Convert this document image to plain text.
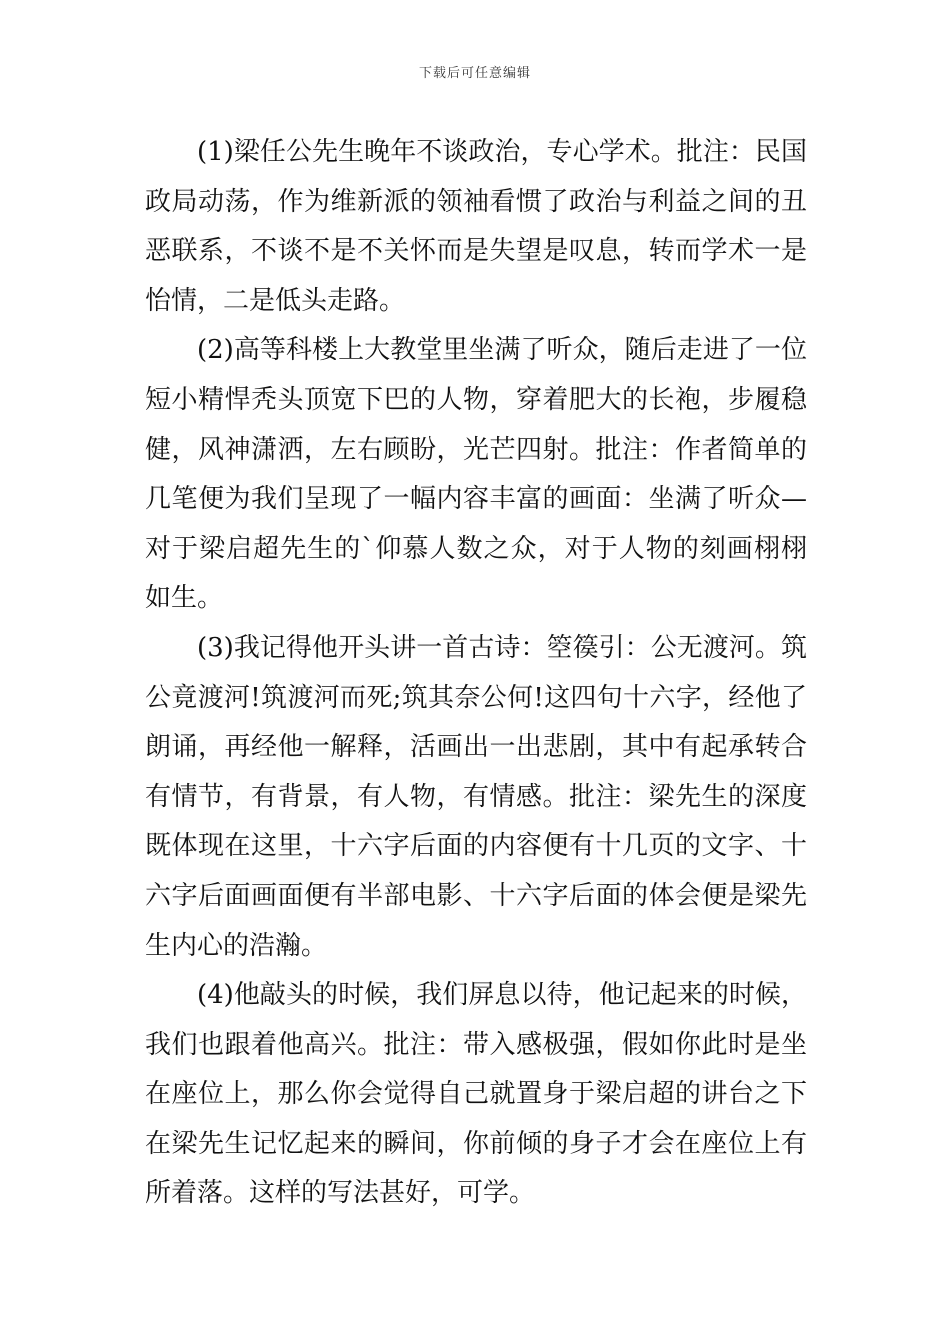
下载后可任意编辑

(1)梁任公先生晚年不谈政治，专心学术。批注：民国政局动荡，作为维新派的领袖看惯了政治与利益之间的丑恶联系，不谈不是不关怀而是失望是叹息，转而学术一是怡情，二是低头走路。

(2)高等科楼上大教堂里坐满了听众，随后走进了一位短小精悍秃头顶宽下巴的人物，穿着肥大的长袍，步履稳健，风神潇洒，左右顾盼，光芒四射。批注：作者简单的几笔便为我们呈现了一幅内容丰富的画面：坐满了听众—对于梁启超先生的`仰慕人数之众，对于人物的刻画栩栩如生。

(3)我记得他开头讲一首古诗：箜篌引：公无渡河。筑公竟渡河!筑渡河而死;筑其奈公何!这四句十六字，经他了朗诵，再经他一解释，活画出一出悲剧，其中有起承转合有情节，有背景，有人物，有情感。批注：梁先生的深度既体现在这里，十六字后面的内容便有十几页的文字、十六字后面画面便有半部电影、十六字后面的体会便是梁先生内心的浩瀚。

(4)他敲头的时候，我们屏息以待，他记起来的时候，我们也跟着他高兴。批注：带入感极强，假如你此时是坐在座位上，那么你会觉得自己就置身于梁启超的讲台之下在梁先生记忆起来的瞬间，你前倾的身子才会在座位上有所着落。这样的写法甚好，可学。
